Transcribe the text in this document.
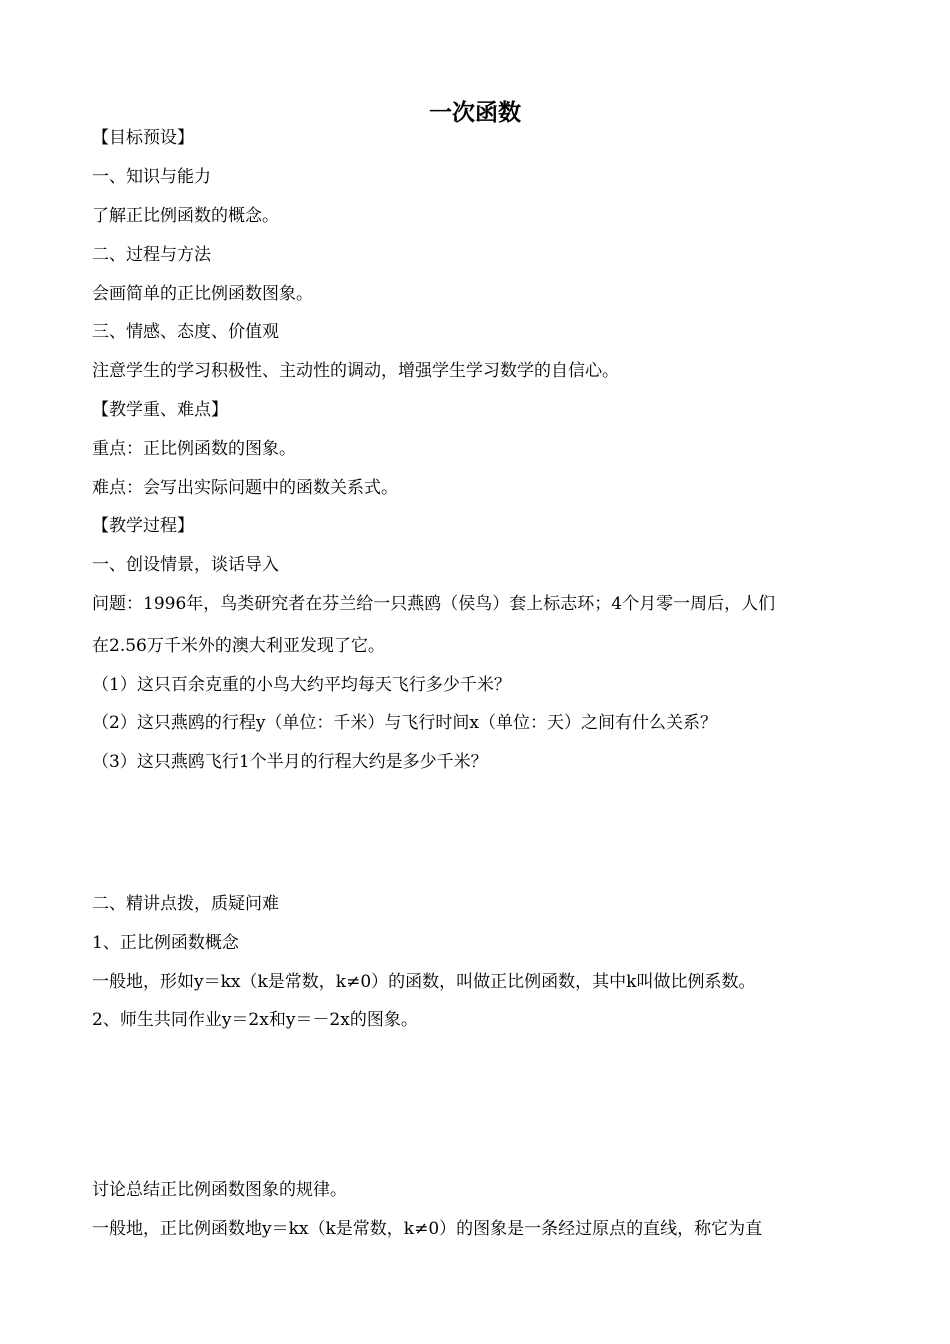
一次函数
【目标预设】
一、知识与能力
了解正比例函数的概念。
二、过程与方法
会画简单的正比例函数图象。
三、情感、态度、价值观
注意学生的学习积极性、主动性的调动，增强学生学习数学的自信心。
【教学重、难点】
重点：正比例函数的图象。
难点：会写出实际问题中的函数关系式。
【教学过程】
一、创设情景，谈话导入
问题：1996年，鸟类研究者在芬兰给一只燕鸥（侯鸟）套上标志环；4个月零一周后，人们
在2.56万千米外的澳大利亚发现了它。
（1）这只百余克重的小鸟大约平均每天飞行多少千米？
（2）这只燕鸥的行程y（单位：千米）与飞行时间x（单位：天）之间有什么关系？
（3）这只燕鸥飞行1个半月的行程大约是多少千米？
二、精讲点拨，质疑问难
1、正比例函数概念
一般地，形如y＝kx（k是常数，k≠0）的函数，叫做正比例函数，其中k叫做比例系数。
2、师生共同作业y＝2x和y＝－2x的图象。
讨论总结正比例函数图象的规律。
一般地，正比例函数地y＝kx（k是常数，k≠0）的图象是一条经过原点的直线，称它为直
